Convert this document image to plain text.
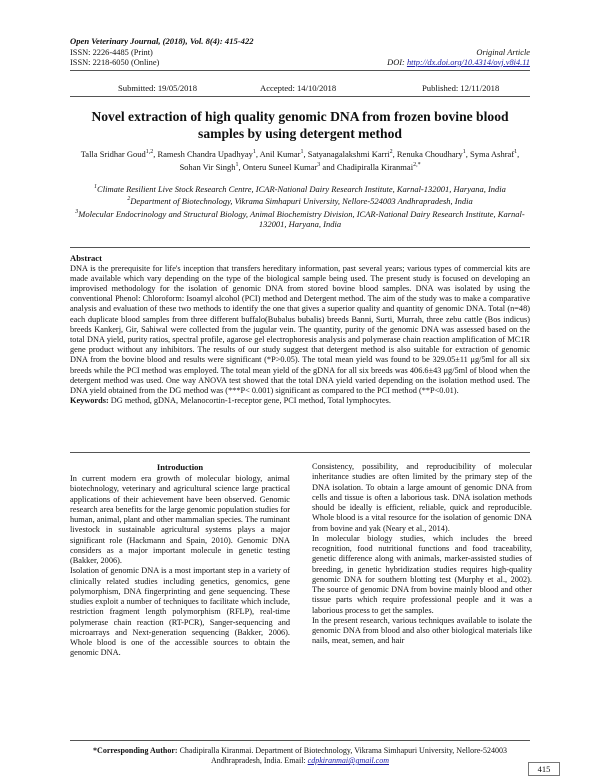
Open Veterinary Journal, (2018), Vol. 8(4): 415-422
ISSN: 2226-4485 (Print)
ISSN: 2218-6050 (Online)
Original Article
DOI: http://dx.doi.org/10.4314/ovj.v8i4.11
Submitted: 19/05/2018	Accepted: 14/10/2018	Published: 12/11/2018
Novel extraction of high quality genomic DNA from frozen bovine blood samples by using detergent method
Talla Sridhar Goud$^{1,2}$, Ramesh Chandra Upadhyay$^1$, Anil Kumar$^1$, Satyanagalakshmi Karri$^2$, Renuka Choudhary$^1$, Syma Ashraf$^1$, Sohan Vir Singh$^1$, Onteru Suneel Kumar$^3$ and Chadipiralla Kiranmai$^{2,*}$

$^1$Climate Resilient Live Stock Research Centre, ICAR-National Dairy Research Institute, Karnal-132001, Haryana, India

$^2$Department of Biotechnology, Vikrama Simhapuri University, Nellore-524003 Andhrapradesh, India

$^3$Molecular Endocrinology and Structural Biology, Animal Biochemistry Division, ICAR-National Dairy Research Institute, Karnal-132001, Haryana, India

Abstract

DNA is the prerequisite for life's inception that transfers hereditary information, past several years; various types of commercial kits are made available which vary depending on the type of the biological sample being used. The present study is focused on developing an improvised methodology for the isolation of genomic DNA from stored bovine blood samples. DNA was isolated by using the conventional Phenol: Chloroform: Isoamyl alcohol (PCI) method and Detergent method. The aim of the study was to make a comparative analysis and evaluation of these two methods to identify the one that gives a superior quality and quantity of genomic DNA. Total (n=48) each duplicate blood samples from three different buffalo(Bubalus bubalis) breeds Banni, Surti, Murrah, three zebu cattle (Bos indicus) breeds Kankerj, Gir, Sahiwal were collected from the jugular vein. The quantity, purity of the genomic DNA was assessed based on the total DNA yield, purity ratios, spectral profile, agarose gel electrophoresis analysis and polymerase chain reaction amplification of MC1R gene product without any inhibitors. The results of our study suggest that detergent method is also suitable for extraction of genomic DNA from the bovine blood and results were significant (*P>0.05). The total mean yield was found to be 329.05±11 μg/5ml for all six breeds while the PCI method was employed. The total mean yield of the gDNA for all six breeds was 406.6±43 μg/5ml of blood when the detergent method was used. One way ANOVA test showed that the total DNA yield varied depending on the isolation method used. The DNA yield obtained from the DG method was (***P< 0.001) significant as compared to the PCI method (**P<0.01).

Keywords: DG method, gDNA, Melanocortin-1-receptor gene, PCI method, Total lymphocytes.

Introduction

In current modern era growth of molecular biology, animal biotechnology, veterinary and agricultural science large practical applications of their achievement have been observed. Genomic research area benefits for the large genomic population studies for human, animal, plant and other mammalian species. The ruminant livestock in sustainable agricultural systems plays a major significant role (Hackmann and Spain, 2010). Genomic DNA considers as a major important molecule in genetic testing (Bakker, 2006).

Isolation of genomic DNA is a most important step in a variety of clinically related studies including genetics, genomics, gene polymorphism, DNA fingerprinting and gene sequencing. These studies exploit a number of techniques to facilitate which include, restriction fragment length polymorphism (RFLP), real-time polymerase chain reaction (RT-PCR), Sanger-sequencing and microarrays and Next-generation sequencing (Bakker, 2006). Whole blood is one of the accessible sources to obtain the genomic DNA.

Consistency, possibility, and reproducibility of molecular inheritance studies are often limited by the primary step of the DNA isolation. To obtain a large amount of genomic DNA from cells and tissue is often a laborious task. DNA isolation methods should be ideally is efficient, reliable, quick and reproducible. Whole blood is a vital resource for the isolation of genomic DNA from bovine and yak (Neary et al., 2014).

In molecular biology studies, which includes the breed recognition, food nutritional functions and food traceability, genetic difference along with animals, marker-assisted studies of breeding, in genetic hybridization studies requires high-quality genomic DNA for southern blotting test (Murphy et al., 2002). The source of genomic DNA from bovine mainly blood and other tissue parts which require professional people and it was a laborious process to get the samples.

In the present research, various techniques available to isolate the genomic DNA from blood and also other biological materials like nails, meat, semen, and hair

*Corresponding Author: Chadipiralla Kiranmai. Department of Biotechnology, Vikrama Simhapuri University, Nellore-524003 Andhrapradesh, India. Email: cdpkiranmai@gmail.com
415
